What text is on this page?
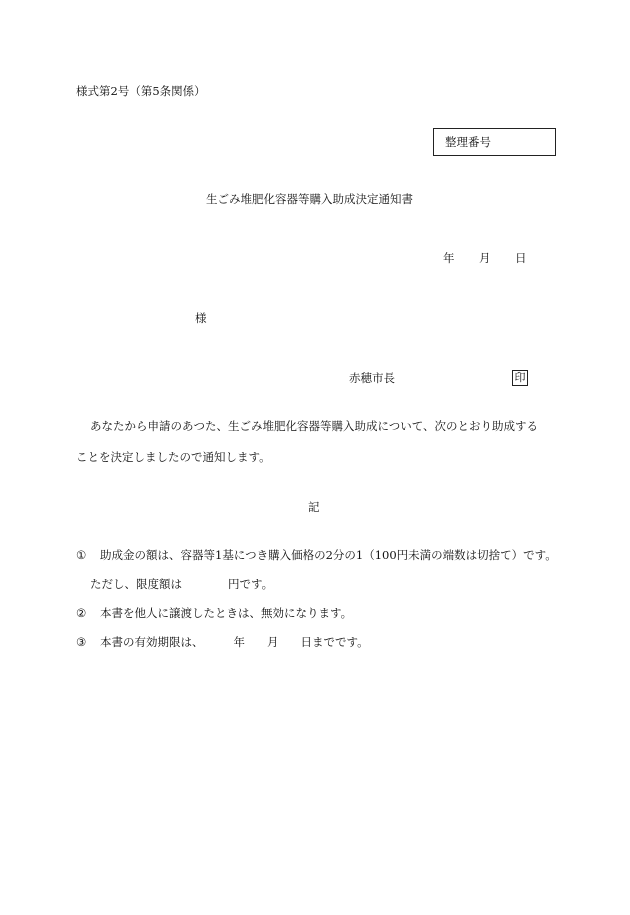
様式第2号（第5条関係）
整理番号
生ごみ堆肥化容器等購入助成決定通知書
年 月 日
様
赤穂市長	印
あなたから申請のあつた、生ごみ堆肥化容器等購入助成について、次のとおり助成する
ことを決定しましたので通知します。
記
① 助成金の額は、容器等1基につき購入価格の2分の1（100円未満の端数は切捨て）です。
ただし、限度額は	円です。
② 本書を他人に譲渡したときは、無効になります。
③ 本書の有効期限は、	年 月 日までです。
